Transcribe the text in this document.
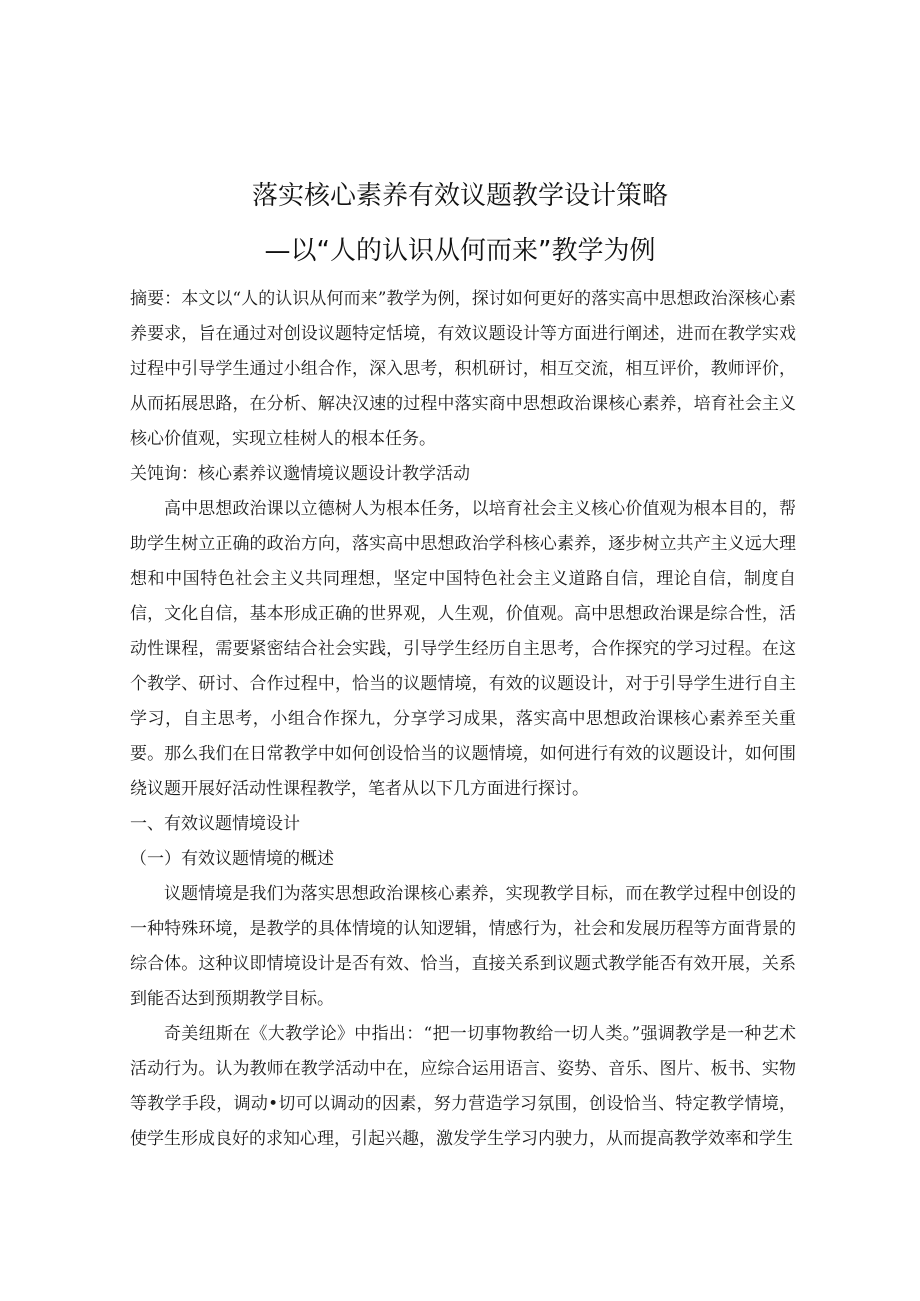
落实核心素养有效议题教学设计策略
—以“人的认识从何而来”教学为例

摘要：本文以“人的认识从何而来”教学为例，探讨如何更好的落实高中思想政治深核心素养要求，旨在通过对创设议题特定恬境，有效议题设计等方面进行阐述，进而在教学实戏过程中引导学生通过小组合作，深入思考，积机研讨，相互交流，相互评价，教师评价，从而拓展思路，在分析、解决汉速的过程中落实商中思想政治课核心素养，培育社会主义核心价值观，实现立桂树人的根本任务。

关饨询：核心素养议邈情境议题设计教学活动

高中思想政治课以立德树人为根本任务，以培育社会主义核心价值观为根本目的，帮助学生树立正确的政治方向，落实高中思想政治学科核心素养，逐步树立共产主义远大理想和中国特色社会主义共同理想，坚定中国特色社会主义道路自信，理论自信，制度自信，文化自信，基本形成正确的世界观，人生观，价值观。高中思想政治课是综合性，活动性课程，需要紧密结合社会实践，引导学生经历自主思考，合作探究的学习过程。在这个教学、研讨、合作过程中，恰当的议题情境，有效的议题设计，对于引导学生进行自主学习，自主思考，小组合作探九，分享学习成果，落实高中思想政治课核心素养至关重要。那么我们在日常教学中如何创设恰当的议题情境，如何进行有效的议题设计，如何围绕议题开展好活动性课程教学，笔者从以下几方面进行探讨。

一、有效议题情境设计

（一）有效议题情境的概述

议题情境是我们为落实思想政治课核心素养，实现教学目标，而在教学过程中创设的一种特殊环境，是教学的具体情境的认知逻辑，情感行为，社会和发展历程等方面背景的综合体。这种议即情境设计是否有效、恰当，直接关系到议题式教学能否有效开展，关系到能否达到预期教学目标。

奇美纽斯在《大教学论》中指出：“把一切事物教给一切人类。”强调教学是一种艺术活动行为。认为教师在教学活动中在，应综合运用语言、姿势、音乐、图片、板书、实物等教学手段，调动•切可以调动的因素，努力营造学习氛围，创设恰当、特定教学情境，使学生形成良好的求知心理，引起兴趣，激发学生学习内驶力，从而提高教学效率和学生
